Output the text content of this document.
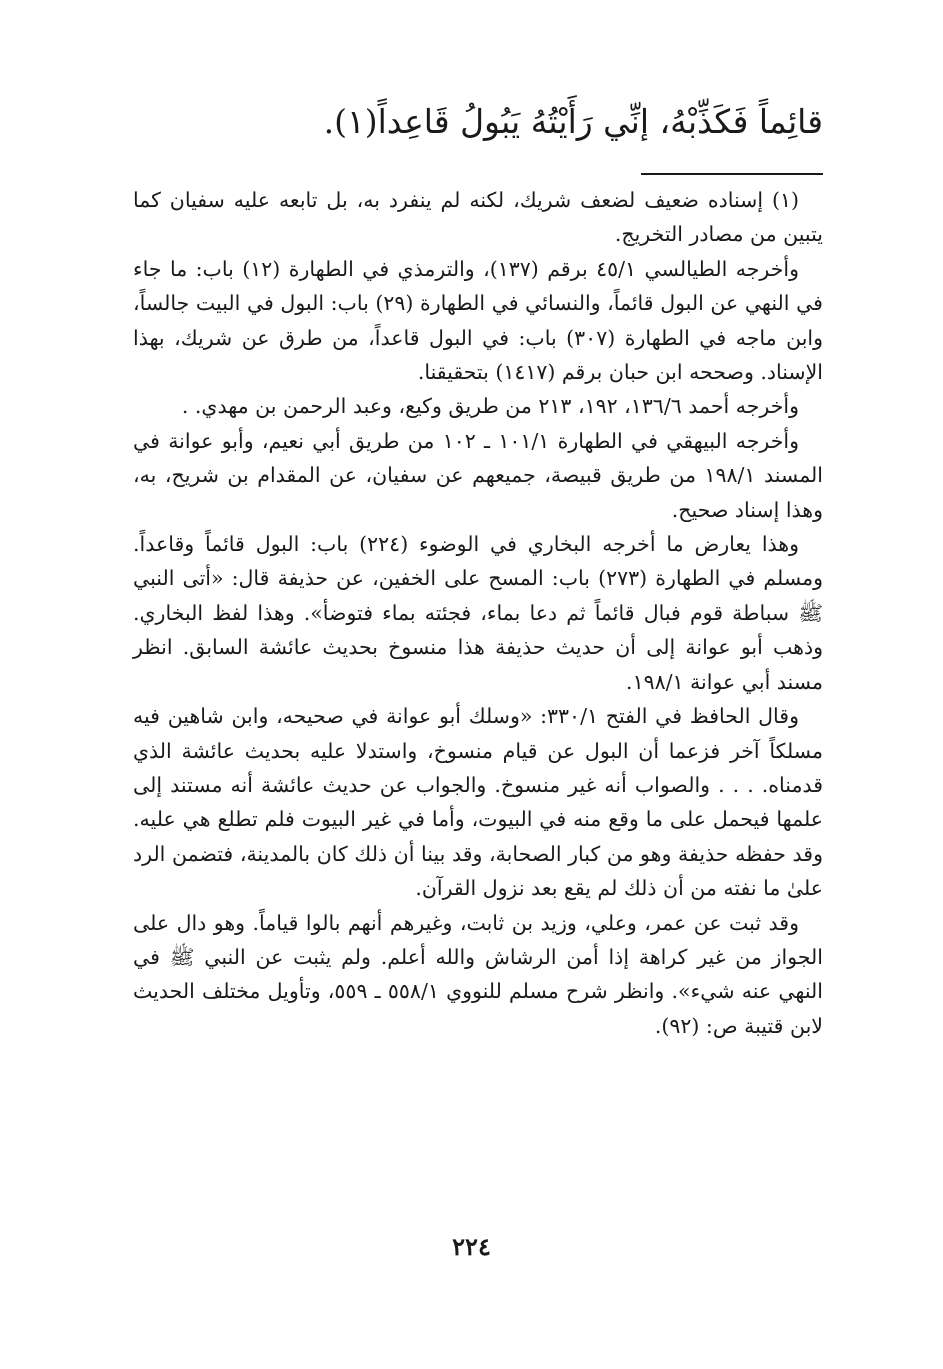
قائِماً فَكَذِّبْهُ، إنِّي رَأَيْتُهُ يَبُولُ قَاعِداً(١).

(١) إسناده ضعيف لضعف شريك، لكنه لم ينفرد به، بل تابعه عليه سفيان كما يتبين من مصادر التخريج.

وأخرجه الطيالسي ٤٥/١ برقم (١٣٧)، والترمذي في الطهارة (١٢) باب: ما جاء في النهي عن البول قائماً، والنسائي في الطهارة (٢٩) باب: البول في البيت جالساً، وابن ماجه في الطهارة (٣٠٧) باب: في البول قاعداً، من طرق عن شريك، بهذا الإسناد. وصححه ابن حبان برقم (١٤١٧) بتحقيقنا.

وأخرجه أحمد ١٣٦/٦، ١٩٢، ٢١٣ من طريق وكيع، وعبد الرحمن بن مهدي. .

وأخرجه البيهقي في الطهارة ١٠١/١ ـ ١٠٢ من طريق أبي نعيم، وأبو عوانة في المسند ١٩٨/١ من طريق قبيصة، جميعهم عن سفيان، عن المقدام بن شريح، به، وهذا إسناد صحيح.

وهذا يعارض ما أخرجه البخاري في الوضوء (٢٢٤) باب: البول قائماً وقاعداً. ومسلم في الطهارة (٢٧٣) باب: المسح على الخفين، عن حذيفة قال: «أتى النبي ﷺ سباطة قوم فبال قائماً ثم دعا بماء، فجئته بماء فتوضأ». وهذا لفظ البخاري. وذهب أبو عوانة إلى أن حديث حذيفة هذا منسوخ بحديث عائشة السابق. انظر مسند أبي عوانة ١٩٨/١.

وقال الحافظ في الفتح ٣٣٠/١: «وسلك أبو عوانة في صحيحه، وابن شاهين فيه مسلكاً آخر فزعما أن البول عن قيام منسوخ، واستدلا عليه بحديث عائشة الذي قدمناه. . . . والصواب أنه غير منسوخ. والجواب عن حديث عائشة أنه مستند إلى علمها فيحمل على ما وقع منه في البيوت، وأما في غير البيوت فلم تطلع هي عليه. وقد حفظه حذيفة وهو من كبار الصحابة، وقد بينا أن ذلك كان بالمدينة، فتضمن الرد علىٰ ما نفته من أن ذلك لم يقع بعد نزول القرآن.

وقد ثبت عن عمر، وعلي، وزيد بن ثابت، وغيرهم أنهم بالوا قياماً. وهو دال على الجواز من غير كراهة إذا أمن الرشاش والله أعلم. ولم يثبت عن النبي ﷺ في النهي عنه شيء». وانظر شرح مسلم للنووي ٥٥٨/١ ـ ٥٥٩، وتأويل مختلف الحديث لابن قتيبة ص: (٩٢).

٢٢٤
